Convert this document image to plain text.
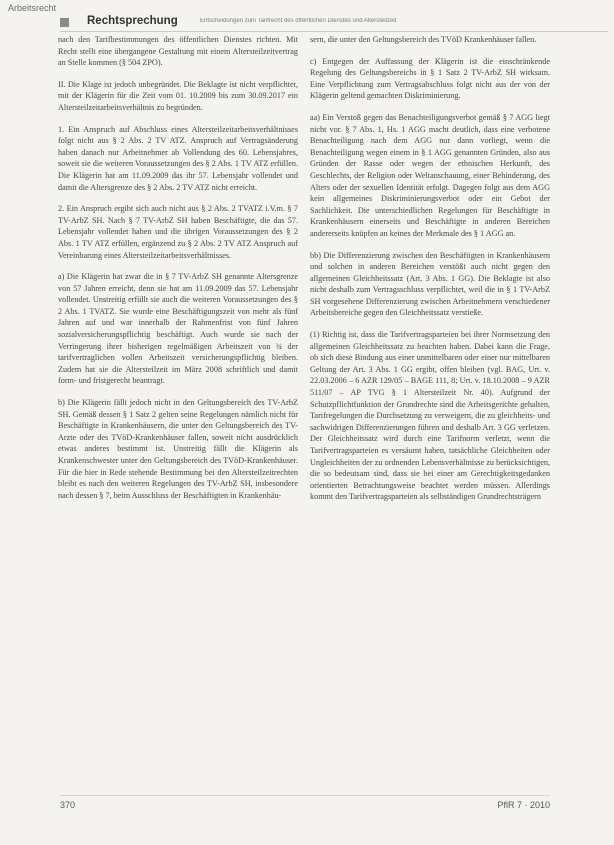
Arbeitsrecht
Rechtsprechung	Entscheidungen zum Tarifrecht des öffentlichen Dienstes und Altersteilzeit

nach den Tarifbestimmungen des öffentlichen Dienstes richten. Mit Recht stellt eine übergangene Gestaltung mit einem Altersteilzeitvertrag an Stelle kommen (§ 504 ZPO).

II. Die Klage ist jedoch unbegründet. Die Beklagte ist nicht verpflichtet, mit der Klägerin für die Zeit vom 01. 10.2009 bis zum 30.09.2017 ein Altersteilzeitarbeitsverhältnis zu begründen.

1. Ein Anspruch auf Abschluss eines Altersteilzeitarbeitsverhältnisses folgt nicht aus § 2 Abs. 2 TV ATZ. Anspruch auf Vertragsänderung haben danach nur Arbeitnehmer ab Vollendung des 60. Lebensjahres, soweit sie die weiteren Voraussetzungen des § 2 Abs. 1 TV ATZ erfüllen. Die Klägerin hat am 11.09.2009 das ihr 57. Lebensjahr vollendet und damit die Altersgrenze des § 2 Abs. 2 TV ATZ nicht erreicht.

2. Ein Anspruch ergibt sich auch nicht aus § 2 Abs. 2 TVATZ i.V.m. § 7 TV-ArbZ SH. Nach § 7 TV-ArbZ SH haben Beschäftigte, die das 57. Lebensjahr vollendet haben und die übrigen Voraussetzungen des § 2 Abs. 1 TV ATZ erfüllen, ergänzend zu § 2 Abs. 2 TV ATZ Anspruch auf Vereinbarung eines Altersteilzeitarbeitsverhältnisses.

a) Die Klägerin hat zwar die in § 7 TV-ArbZ SH genannte Altersgrenze von 57 Jahren erreicht, denn sie hat am 11.09.2009 das 57. Lebensjahr vollendet. Unstreitig erfüllt sie auch die weiteren Voraussetzungen des § 2 Abs. 1 TVATZ. Sie wurde eine Beschäftigungszeit von mehr als fünf Jahren auf und war innerhalb der Rahmenfrist von fünf Jahren sozialversicherungspflichtig beschäftigt. Auch wurde sie nach der Verringerung ihrer bisherigen regelmäßigen Arbeitszeit von ¾ der tarifvertraglichen vollen Arbeitszeit versicherungspflichtig bleiben. Zudem hat sie die Altersteilzeit im März 2008 schriftlich und damit form- und fristgerecht beantragt.

b) Die Klägerin fällt jedoch nicht in den Geltungsbereich des TV-ArbZ SH. Gemäß dessen § 1 Satz 2 gelten seine Regelungen nämlich nicht für Beschäftigte in Krankenhäusern, die unter den Geltungsbereich des TV-Arzte oder des TVöD-Krankenhäuser fallen, soweit nicht ausdrücklich etwas anderes bestimmt ist. Unstreitig fällt die Klägerin als Krankenschwester unter den Geltungsbereich des TVöD-Krankenhäuser. Für die hier in Rede stehende Bestimmung bei den Altersteilzeitrechten bleibt es nach den weiteren Regelungen des TV-ArbZ SH, insbesondere nach dessen § 7, beim Ausschluss der Beschäftigten in Krankenhäu-

sern, die unter den Geltungsbereich des TVöD Krankenhäuser fallen.

c) Entgegen der Auffassung der Klägerin ist die einschränkende Regelung des Geltungsbereichs in § 1 Satz 2 TV-ArbZ SH wirksam. Eine Verpflichtung zum Vertragsabschluss folgt nicht aus der von der Klägerin geltend gemachten Diskriminierung.

aa) Ein Verstoß gegen das Benachteiligungsverbot gemäß § 7 AGG liegt nicht vor. § 7 Abs. 1, Hs. 1 AGG macht deutlich, dass eine verbotene Benachteiligung nach dem AGG nur dann vorliegt, wenn die Benachteiligung wegen einem in § 1 AGG genannten Gründen, also aus Gründen der Rasse oder wegen der ethnischen Herkunft, des Geschlechts, der Religion oder Weltanschauung, einer Behinderung, des Alters oder der sexuellen Identität erfolgt. Dagegen folgt aus dem AGG kein allgemeines Diskriminierungsverbot oder ein Gebot der Sachlichkeit. Die unterschiedlichen Regelungen für Beschäftigte in Krankenhäusern einerseits und Beschäftigte in anderen Bereichen andererseits knüpfen an keines der Merkmale des § 1 AGG an.

bb) Die Differenzierung zwischen den Beschäftigten in Krankenhäusern und solchen in anderen Bereichen verstößt auch nicht gegen den allgemeinen Gleichheitssatz (Art. 3 Abs. 1 GG). Die Beklagte ist also nicht deshalb zum Vertragsschluss verpflichtet, weil die in § 1 TV-ArbZ SH vorgesehene Differenzierung zwischen Arbeitnehmern verschiedener Arbeitsbereiche gegen den Gleichheitssatz verstieße.

(1) Richtig ist, dass die Tarifvertragsparteien bei ihrer Normsetzung den allgemeinen Gleichheitssatz zu beachten haben. Dabei kann die Frage, ob sich diese Bindung aus einer unmittelbaren oder einer nur mittelbaren Geltung der Art. 3 Abs. 1 GG ergibt, offen bleiben (vgl. BAG, Urt. v. 22.03.2006 – 6 AZR 129/05 – BAGE 111, 8; Urt. v. 18.10.2008 – 9 AZR 511/07 – AP TVG § 1 Altersteilzeit Nr. 40). Aufgrund der Schutzpflichtfunktion der Grundrechte sind die Arbeitsgerichte gehalten, Tarifregelungen die Durchsetzung zu verweigern, die zu gleichheits- und sachwidrigen Differenzierungen führen und deshalb Art. 3 GG verletzen. Der Gleichheitssatz wird durch eine Tarifnorm verletzt, wenn die Tarifvertragsparteien es versäumt haben, tatsächliche Gleichheiten oder Ungleichheiten der zu ordnenden Lebensverhältnisse zu berücksichtigen, die so bedeutsam sind, dass sie bei einer am Gerechtigkeitsgedanken orientierten Betrachtungsweise beachtet werden müssen. Allerdings kommt den Tarifvertragsparteien als selbständigen Grundrechtsträgern

370	PflR 7 · 2010
